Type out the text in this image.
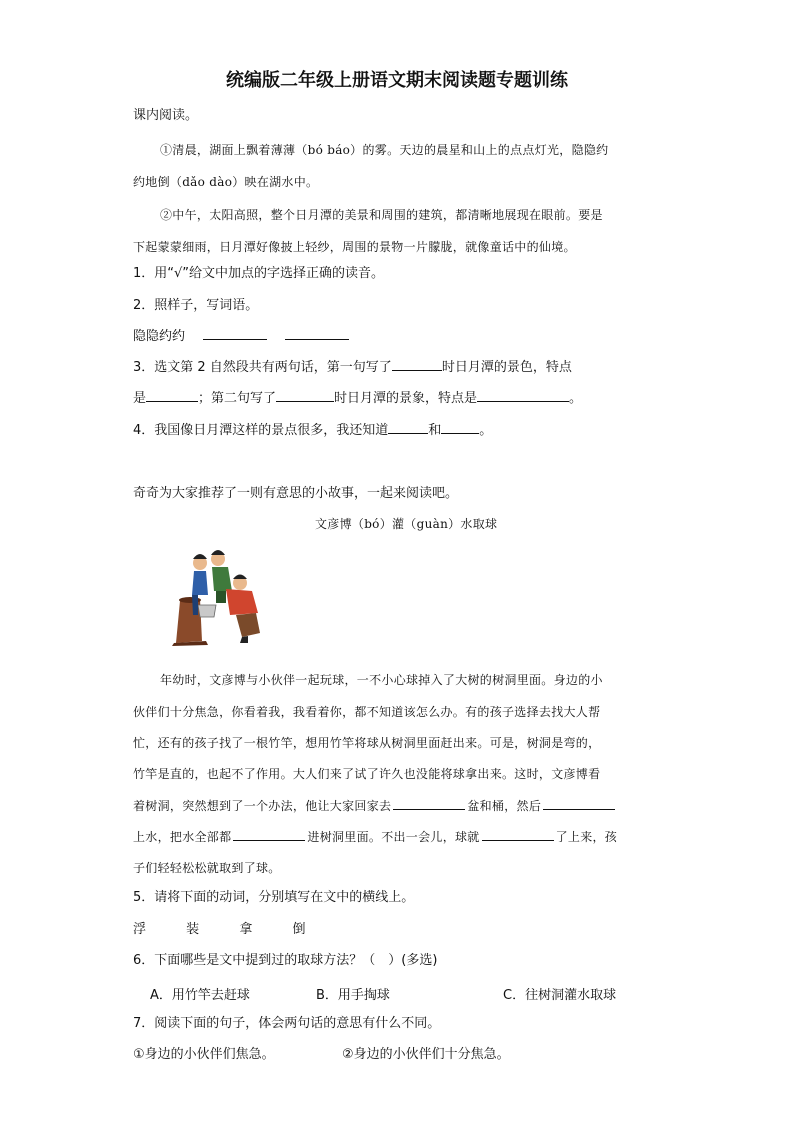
统编版二年级上册语文期末阅读题专题训练
课内阅读。
①清晨，湖面上飘着薄薄（bó báo）的雾。天边的晨星和山上的点点灯光，隐隐约
约地倒（dǎo dào）映在湖水中。
②中午，太阳高照，整个日月潭的美景和周围的建筑，都清晰地展现在眼前。要是
下起蒙蒙细雨，日月潭好像披上轻纱，周围的景物一片朦胧，就像童话中的仙境。
1．用“√”给文中加点的字选择正确的读音。
2．照样子，写词语。
隐隐约约
3．选文第 2 自然段共有两句话，第一句写了	时日月潭的景色，特点
是	；第二句写了	时日月潭的景象，特点是	。
4．我国像日月潭这样的景点很多，我还知道	和	。
奇奇为大家推荐了一则有意思的小故事，一起来阅读吧。
文彦博（bó）灌（guàn）水取球
年幼时，文彦博与小伙伴一起玩球，一不小心球掉入了大树的树洞里面。身边的小
伙伴们十分焦急，你看着我，我看着你，都不知道该怎么办。有的孩子选择去找大人帮
忙，还有的孩子找了一根竹竿，想用竹竿将球从树洞里面赶出来。可是，树洞是弯的，
竹竿是直的，也起不了作用。大人们来了试了许久也没能将球拿出来。这时，文彦博看
着树洞，突然想到了一个办法，他让大家回家去	盆和桶，然后
上水，把水全部都	进树洞里面。不出一会儿，球就	了上来，孩
子们轻轻松松就取到了球。
5．请将下面的动词，分别填写在文中的横线上。
浮	装	拿	倒
6．下面哪些是文中提到过的取球方法？（　）(多选)
A．用竹竿去赶球	B．用手掏球	C．往树洞灌水取球
7．阅读下面的句子，体会两句话的意思有什么不同。
①身边的小伙伴们焦急。	②身边的小伙伴们十分焦急。
